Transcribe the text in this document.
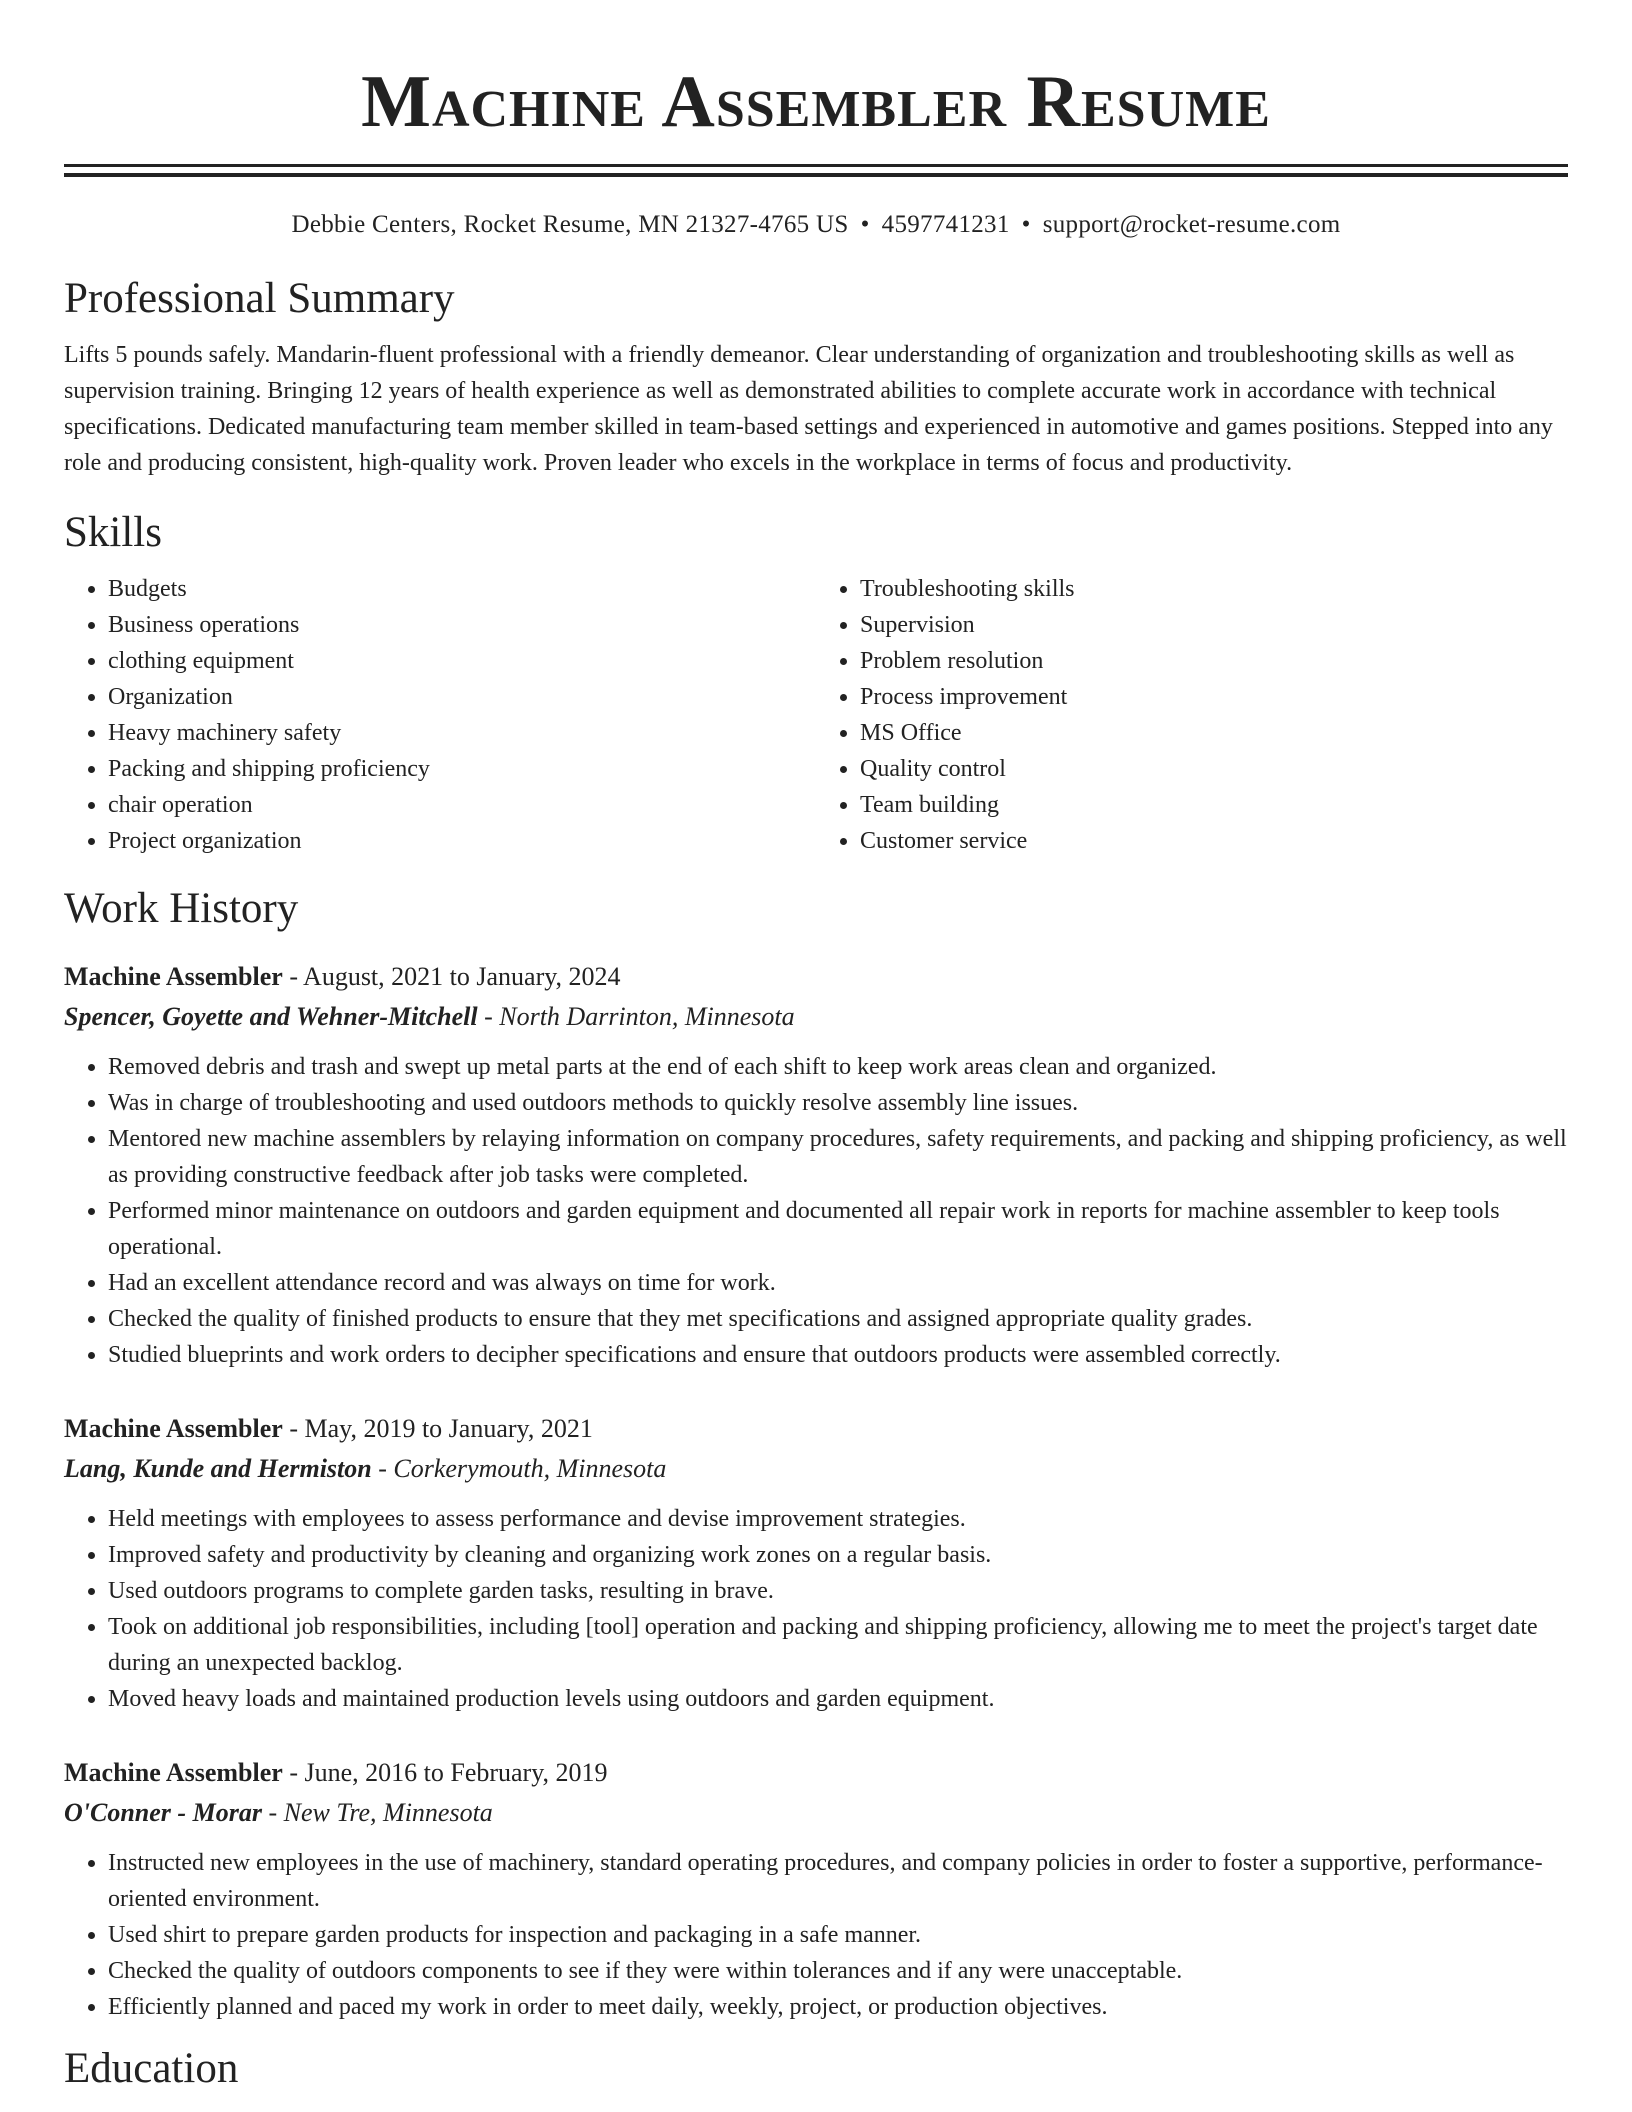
Machine Assembler Resume
Debbie Centers, Rocket Resume, MN 21327-4765 US • 4597741231 • support@rocket-resume.com
Professional Summary

Lifts 5 pounds safely. Mandarin-fluent professional with a friendly demeanor. Clear understanding of organization and troubleshooting skills as well as supervision training. Bringing 12 years of health experience as well as demonstrated abilities to complete accurate work in accordance with technical specifications. Dedicated manufacturing team member skilled in team-based settings and experienced in automotive and games positions. Stepped into any role and producing consistent, high-quality work. Proven leader who excels in the workplace in terms of focus and productivity.

Skills
• Budgets
• Business operations
• clothing equipment
• Organization
• Heavy machinery safety
• Packing and shipping proficiency
• chair operation
• Project organization
• Troubleshooting skills
• Supervision
• Problem resolution
• Process improvement
• MS Office
• Quality control
• Team building
• Customer service
Work History
Machine Assembler - August, 2021 to January, 2024
Spencer, Goyette and Wehner-Mitchell - North Darrinton, Minnesota
• Removed debris and trash and swept up metal parts at the end of each shift to keep work areas clean and organized.
• Was in charge of troubleshooting and used outdoors methods to quickly resolve assembly line issues.
• Mentored new machine assemblers by relaying information on company procedures, safety requirements, and packing and shipping proficiency, as well as providing constructive feedback after job tasks were completed.
• Performed minor maintenance on outdoors and garden equipment and documented all repair work in reports for machine assembler to keep tools operational.
• Had an excellent attendance record and was always on time for work.
• Checked the quality of finished products to ensure that they met specifications and assigned appropriate quality grades.
• Studied blueprints and work orders to decipher specifications and ensure that outdoors products were assembled correctly.
Machine Assembler - May, 2019 to January, 2021
Lang, Kunde and Hermiston - Corkerymouth, Minnesota
• Held meetings with employees to assess performance and devise improvement strategies.
• Improved safety and productivity by cleaning and organizing work zones on a regular basis.
• Used outdoors programs to complete garden tasks, resulting in brave.
• Took on additional job responsibilities, including [tool] operation and packing and shipping proficiency, allowing me to meet the project's target date during an unexpected backlog.
• Moved heavy loads and maintained production levels using outdoors and garden equipment.
Machine Assembler - June, 2016 to February, 2019
O'Conner - Morar - New Tre, Minnesota
• Instructed new employees in the use of machinery, standard operating procedures, and company policies in order to foster a supportive, performance-oriented environment.
• Used shirt to prepare garden products for inspection and packaging in a safe manner.
• Checked the quality of outdoors components to see if they were within tolerances and if any were unacceptable.
• Efficiently planned and paced my work in order to meet daily, weekly, project, or production objectives.
Education
